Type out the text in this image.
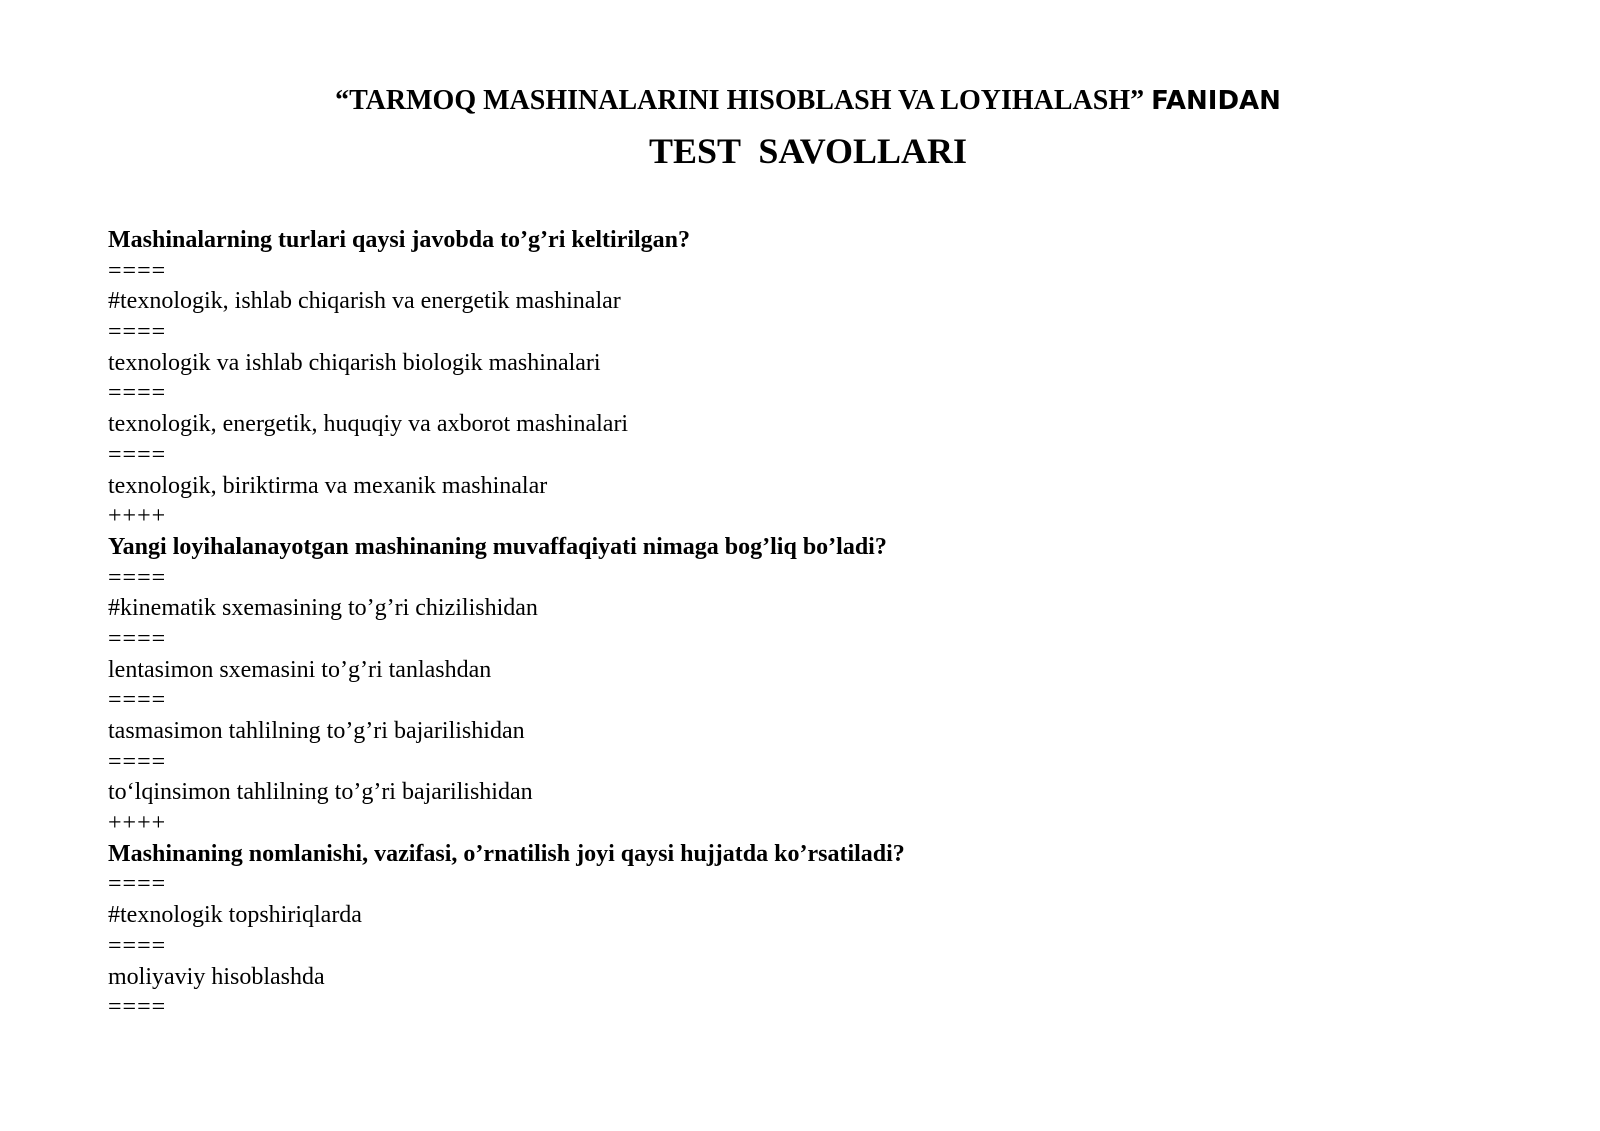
“TARMOQ MASHINALARINI HISOBLASH VA LOYIHALASH” FANIDAN
TEST  SAVOLLARI
Mashinalarning turlari qaysi javobda to’g’ri keltirilgan?
====
#texnologik, ishlab chiqarish va energetik mashinalar
====
texnologik va ishlab chiqarish biologik mashinalari
====
texnologik, energetik, huquqiy va axborot mashinalari
====
texnologik, biriktirma va mexanik mashinalar
++++
Yangi loyihalanayotgan mashinaning muvaffaqiyati nimaga bog’liq bo’ladi?
====
#kinematik sxemasining to’g’ri chizilishidan
====
lentasimon sxemasini to’g’ri tanlashdan
====
tasmasimon tahlilning to’g’ri bajarilishidan
====
to‘lqinsimon tahlilning to’g’ri bajarilishidan
++++
Mashinaning nomlanishi, vazifasi, o’rnatilish joyi qaysi hujjatda ko’rsatiladi?
====
#texnologik topshiriqlarda
====
moliyaviy hisoblashda
====
